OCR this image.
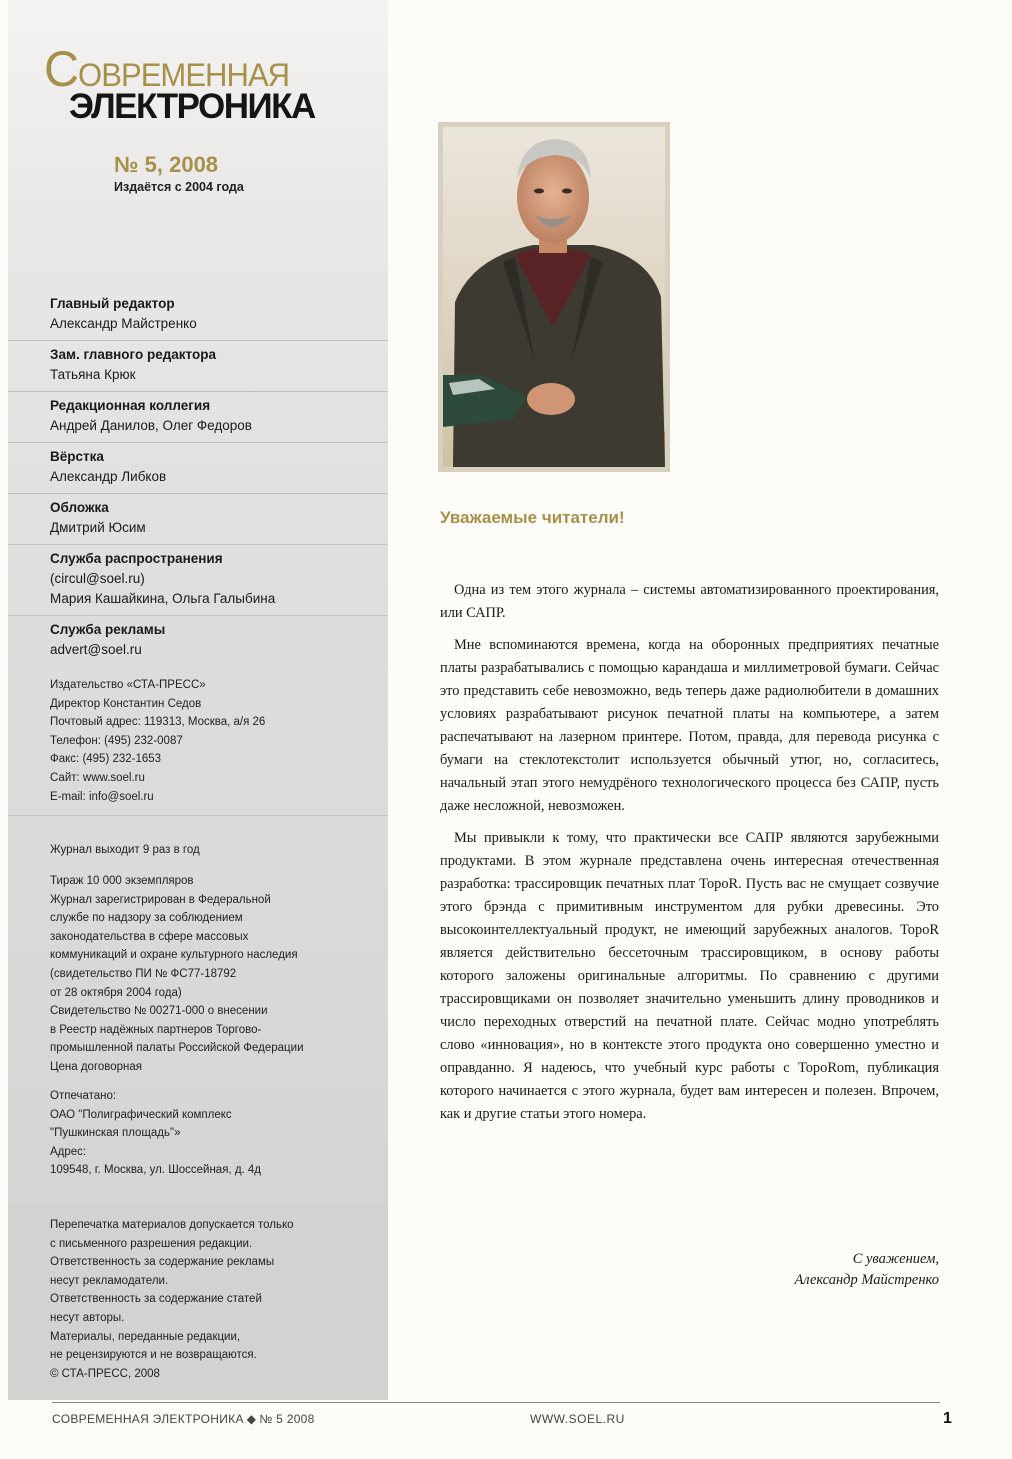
СОВРЕМЕННАЯ
ЭЛЕКТРОНИКА
№ 5, 2008
Издаётся с 2004 года
Главный редактор
Александр Майстренко
Зам. главного редактора
Татьяна Крюк
Редакционная коллегия
Андрей Данилов, Олег Федоров
Вёрстка
Александр Либков
Обложка
Дмитрий Юсим
Служба распространения
(circul@soel.ru)
Мария Кашайкина, Ольга Галыбина
Служба рекламы
advert@soel.ru
Издательство «СТА-ПРЕСС»
Директор Константин Седов
Почтовый адрес: 119313, Москва, а/я 26
Телефон: (495) 232-0087
Факс: (495) 232-1653
Сайт: www.soel.ru
E-mail: info@soel.ru
Журнал выходит 9 раз в год
Тираж 10 000 экземпляров
Журнал зарегистрирован в Федеральной
службе по надзору за соблюдением
законодательства в сфере массовых
коммуникаций и охране культурного наследия
(свидетельство ПИ № ФС77-18792
от 28 октября 2004 года)
Свидетельство № 00271-000 о внесении
в Реестр надёжных партнеров Торгово-
промышленной палаты Российской Федерации
Цена договорная
Отпечатано:
ОАО "Полиграфический комплекс
"Пушкинская площадь"»
Адрес:
109548, г. Москва, ул. Шоссейная, д. 4д
Перепечатка материалов допускается только
с письменного разрешения редакции.
Ответственность за содержание рекламы
несут рекламодатели.
Ответственность за содержание статей
несут авторы.
Материалы, переданные редакции,
не рецензируются и не возвращаются.
© СТА-ПРЕСС, 2008
Уважаемые читатели!

Одна из тем этого журнала – системы автоматизированного проектирования, или САПР.

Мне вспоминаются времена, когда на оборонных предприятиях печатные платы разрабатывались с помощью карандаша и миллиметровой бумаги. Сейчас это представить себе невозможно, ведь теперь даже радиолюбители в домашних условиях разрабатывают рисунок печатной платы на компьютере, а затем распечатывают на лазерном принтере. Потом, правда, для перевода рисунка с бумаги на стеклотекстолит используется обычный утюг, но, согласитесь, начальный этап этого немудрёного технологического процесса без САПР, пусть даже несложной, невозможен.

Мы привыкли к тому, что практически все САПР являются зарубежными продуктами. В этом журнале представлена очень интересная отечественная разработка: трассировщик печатных плат TopoR. Пусть вас не смущает созвучие этого брэнда с примитивным инструментом для рубки древесины. Это высокоинтеллектуальный продукт, не имеющий зарубежных аналогов. TopoR является действительно бессеточным трассировщиком, в основу работы которого заложены оригинальные алгоритмы. По сравнению с другими трассировщиками он позволяет значительно уменьшить длину проводников и число переходных отверстий на печатной плате. Сейчас модно употреблять слово «инновация», но в контексте этого продукта оно совершенно уместно и оправданно. Я надеюсь, что учебный курс работы с TopoRom, публикация которого начинается с этого журнала, будет вам интересен и полезен. Впрочем, как и другие статьи этого номера.

С уважением,
Александр Майстренко
СОВРЕМЕННАЯ ЭЛЕКТРОНИКА ◆ № 5 2008	WWW.SOEL.RU	1
